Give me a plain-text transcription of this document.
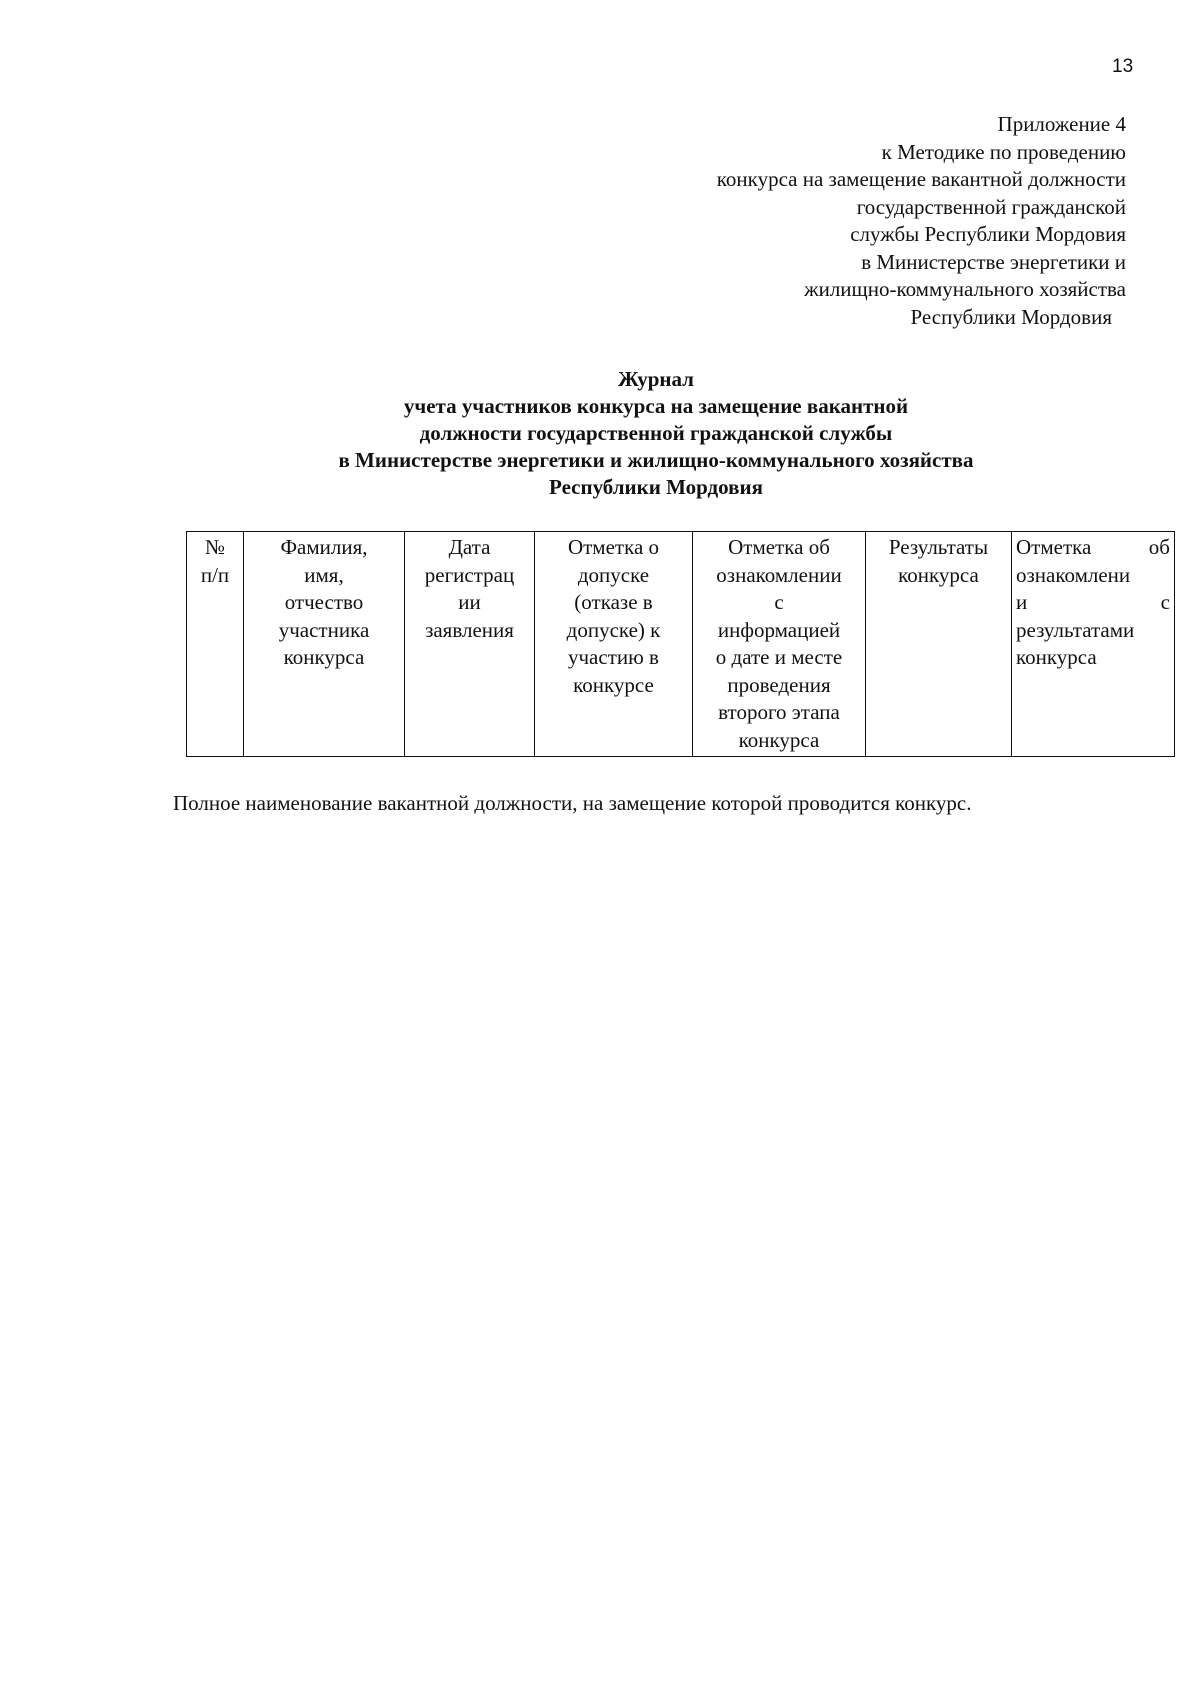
13
Приложение 4
к Методике по проведению
конкурса на замещение вакантной должности
государственной гражданской
службы Республики Мордовия
в Министерстве энергетики и
жилищно-коммунального хозяйства
Республики Мордовия
Журнал
учета участников конкурса на замещение вакантной
должности государственной гражданской службы
в Министерстве энергетики и жилищно-коммунального хозяйства
Республики Мордовия
№
п/п

Фамилия,
имя,
отчество
участника
конкурса

Дата
регистрац
ии
заявления

Отметка о
допуске
(отказе в
допуске) к
участию в
конкурсе

Отметка об
ознакомлении
с
информацией
о дате и месте
проведения
второго этапа
конкурса

Результаты
конкурса

Отметка об
ознакомлени
и с
результатами
конкурса
Полное наименование вакантной должности, на замещение которой проводится конкурс.
